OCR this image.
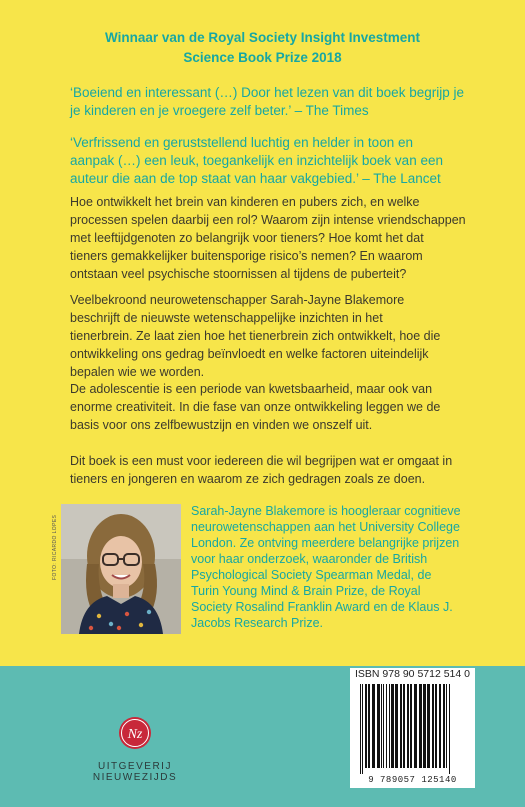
Winnaar van de Royal Society Insight Investment
Science Book Prize 2018
‘Boeiend en interessant (…) Door het lezen van dit boek begrijp je
je kinderen en je vroegere zelf beter.’ – The Times
‘Verfrissend en geruststellend luchtig en helder in toon en
aanpak (…) een leuk, toegankelijk en inzichtelijk boek van een
auteur die aan de top staat van haar vakgebied.’ – The Lancet
Hoe ontwikkelt het brein van kinderen en pubers zich, en welke
processen spelen daarbij een rol? Waarom zijn intense vriendschappen
met leeftijdgenoten zo belangrijk voor tieners? Hoe komt het dat
tieners gemakkelijker buitensporige risico’s nemen? En waarom
ontstaan veel psychische stoornissen al tijdens de puberteit?
Veelbekroond neurowetenschapper Sarah-Jayne Blakemore
beschrijft de nieuwste wetenschappelijke inzichten in het
tienerbrein. Ze laat zien hoe het tienerbrein zich ontwikkelt, hoe die
ontwikkeling ons gedrag beïnvloedt en welke factoren uiteindelijk
bepalen wie we worden.
De adolescentie is een periode van kwetsbaarheid, maar ook van
enorme creativiteit. In die fase van onze ontwikkeling leggen we de
basis voor ons zelfbewustzijn en vinden we onszelf uit.
Dit boek is een must voor iedereen die wil begrijpen wat er omgaat in
tieners en jongeren en waarom ze zich gedragen zoals ze doen.
FOTO: RICARDO LOPES
Sarah-Jayne Blakemore is hoogleraar cognitieve
neurowetenschappen aan het University College
London. Ze ontving meerdere belangrijke prijzen
voor haar onderzoek, waaronder de British
Psychological Society Spearman Medal, de
Turin Young Mind & Brain Prize, de Royal
Society Rosalind Franklin Award en de Klaus J.
Jacobs Research Prize.
ISBN 978 90 5712 514 0
9 789057 125140
Nz
UITGEVERIJ NIEUWEZIJDS
